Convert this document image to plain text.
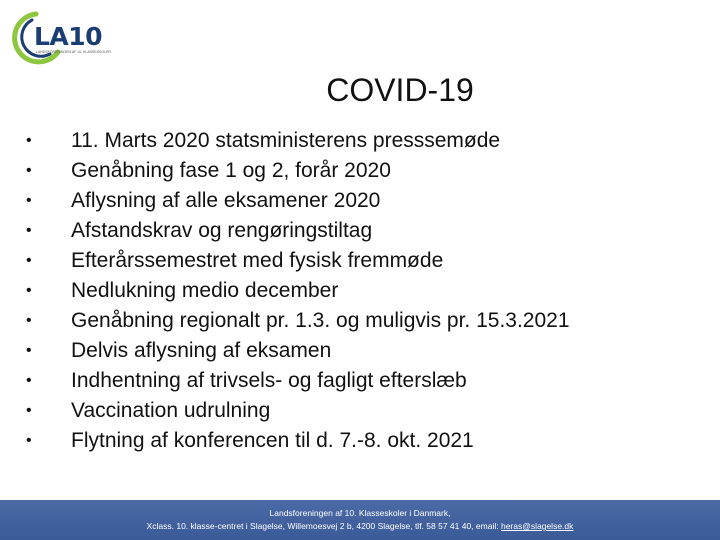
LA10
LANDSFORENINGEN AF 10. KLASSESKOLER
COVID-19
• 11. Marts 2020 statsministerens presssemøde
• Genåbning fase 1 og 2, forår 2020
• Aflysning af alle eksamener 2020
• Afstandskrav og rengøringstiltag
• Efterårssemestret med fysisk fremmøde
• Nedlukning medio december
• Genåbning regionalt pr. 1.3. og muligvis pr. 15.3.2021
• Delvis aflysning af eksamen
• Indhentning af trivsels- og fagligt efterslæb
• Vaccination udrulning
• Flytning af konferencen til d. 7.-8. okt. 2021
Landsforeningen af 10. Klasseskoler i Danmark,
Xclass. 10. klasse-centret i Slagelse, Willemoesvej 2 b, 4200 Slagelse, tlf. 58 57 41 40, email: heras@slagelse.dk
